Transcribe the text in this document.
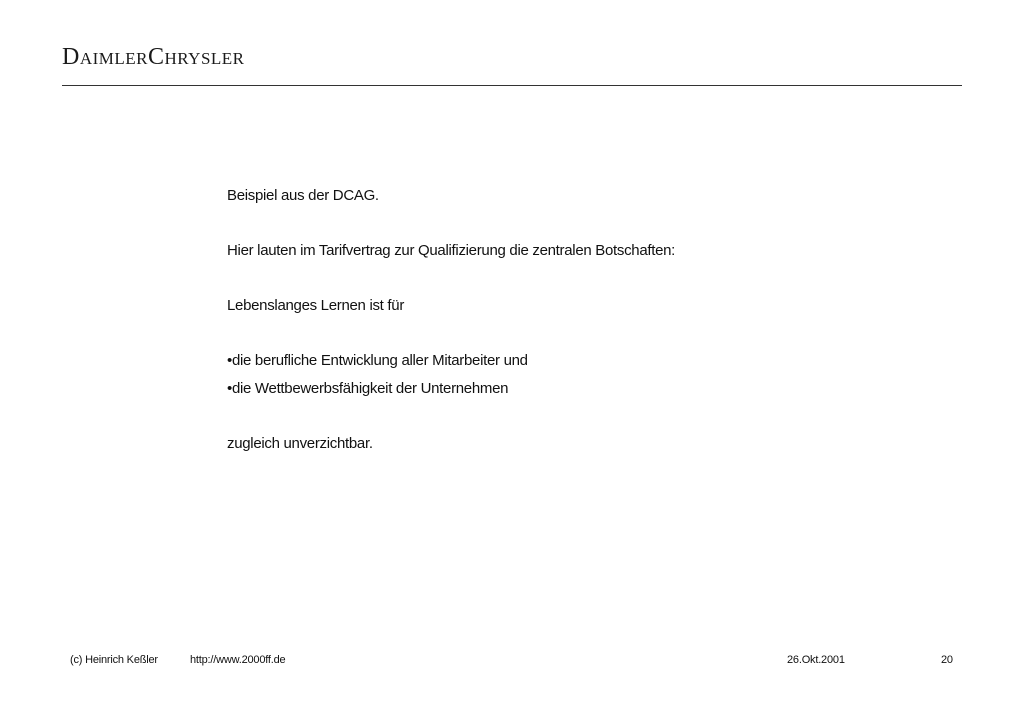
DaimlerChrysler
Beispiel aus der DCAG.
Hier lauten im Tarifvertrag zur Qualifizierung die zentralen Botschaften:
Lebenslanges Lernen ist für
•die berufliche Entwicklung aller Mitarbeiter und
•die Wettbewerbsfähigkeit der Unternehmen
zugleich unverzichtbar.
(c) Heinrich Keßler	http://www.2000ff.de	26.Okt.2001	20
